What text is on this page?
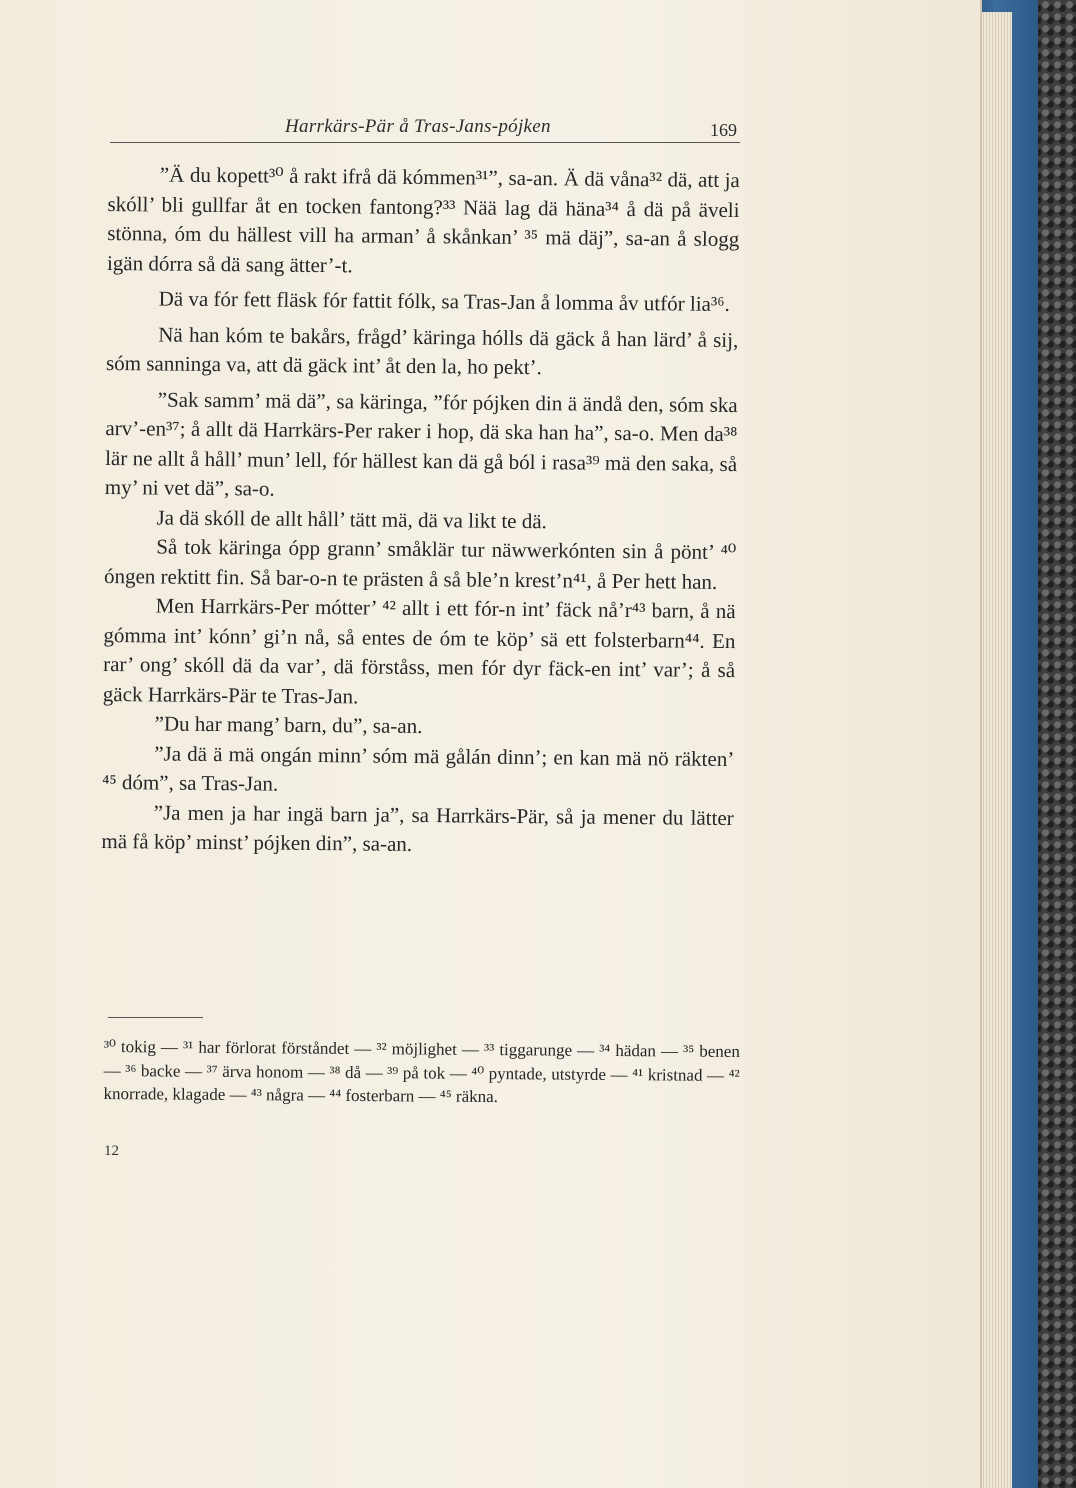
Harrkärs-Pär å Tras-Jans-pójken	169

”Ä du kopett³⁰ å rakt ifrå dä kómmen³¹”, sa-an. Ä dä våna³² dä, att ja skóll’ bli gullfar åt en tocken fantong?³³ Nää lag dä häna³⁴ å dä på äveli stönna, óm du hällest vill ha arman’ å skånkan’ ³⁵ mä däj”, sa-an å slogg igän dórra så dä sang ätter’-t.

Dä va fór fett fläsk fór fattit fólk, sa Tras-Jan å lomma åv utfór lia³⁶.

Nä han kóm te bakårs, frågd’ käringa hólls dä gäck å han lärd’ å sij, sóm sanninga va, att dä gäck int’ åt den la, ho pekt’.

”Sak samm’ mä dä”, sa käringa, ”fór pójken din ä ändå den, sóm ska arv’-en³⁷; å allt dä Harrkärs-Per raker i hop, dä ska han ha”, sa-o. Men da³⁸ lär ne allt å håll’ mun’ lell, fór hällest kan dä gå ból i rasa³⁹ mä den saka, så my’ ni vet dä”, sa-o.

Ja dä skóll de allt håll’ tätt mä, dä va likt te dä.

Så tok käringa ópp grann’ småklär tur näwwerkónten sin å pönt’ ⁴⁰ óngen rektitt fin. Så bar-o-n te prästen å så ble’n krest’n⁴¹, å Per hett han.

Men Harrkärs-Per mótter’ ⁴² allt i ett fór-n int’ fäck nå’r⁴³ barn, å nä gómma int’ kónn’ gi’n nå, så entes de óm te köp’ sä ett folsterbarn⁴⁴. En rar’ ong’ skóll dä da var’, dä förståss, men fór dyr fäck-en int’ var’; å så gäck Harrkärs-Pär te Tras-Jan.

”Du har mang’ barn, du”, sa-an.

”Ja dä ä mä ongán minn’ sóm mä gålán dinn’; en kan mä nö räkten’ ⁴⁵ dóm”, sa Tras-Jan.

”Ja men ja har ingä barn ja”, sa Harrkärs-Pär, så ja mener du lätter mä få köp’ minst’ pójken din”, sa-an.

³⁰ tokig — ³¹ har förlorat förståndet — ³² möjlighet — ³³ tiggarunge — ³⁴ hädan — ³⁵ benen — ³⁶ backe — ³⁷ ärva honom — ³⁸ då — ³⁹ på tok — ⁴⁰ pyntade, utstyrde — ⁴¹ kristnad — ⁴² knorrade, klagade — ⁴³ några — ⁴⁴ fosterbarn — ⁴⁵ räkna.
12
